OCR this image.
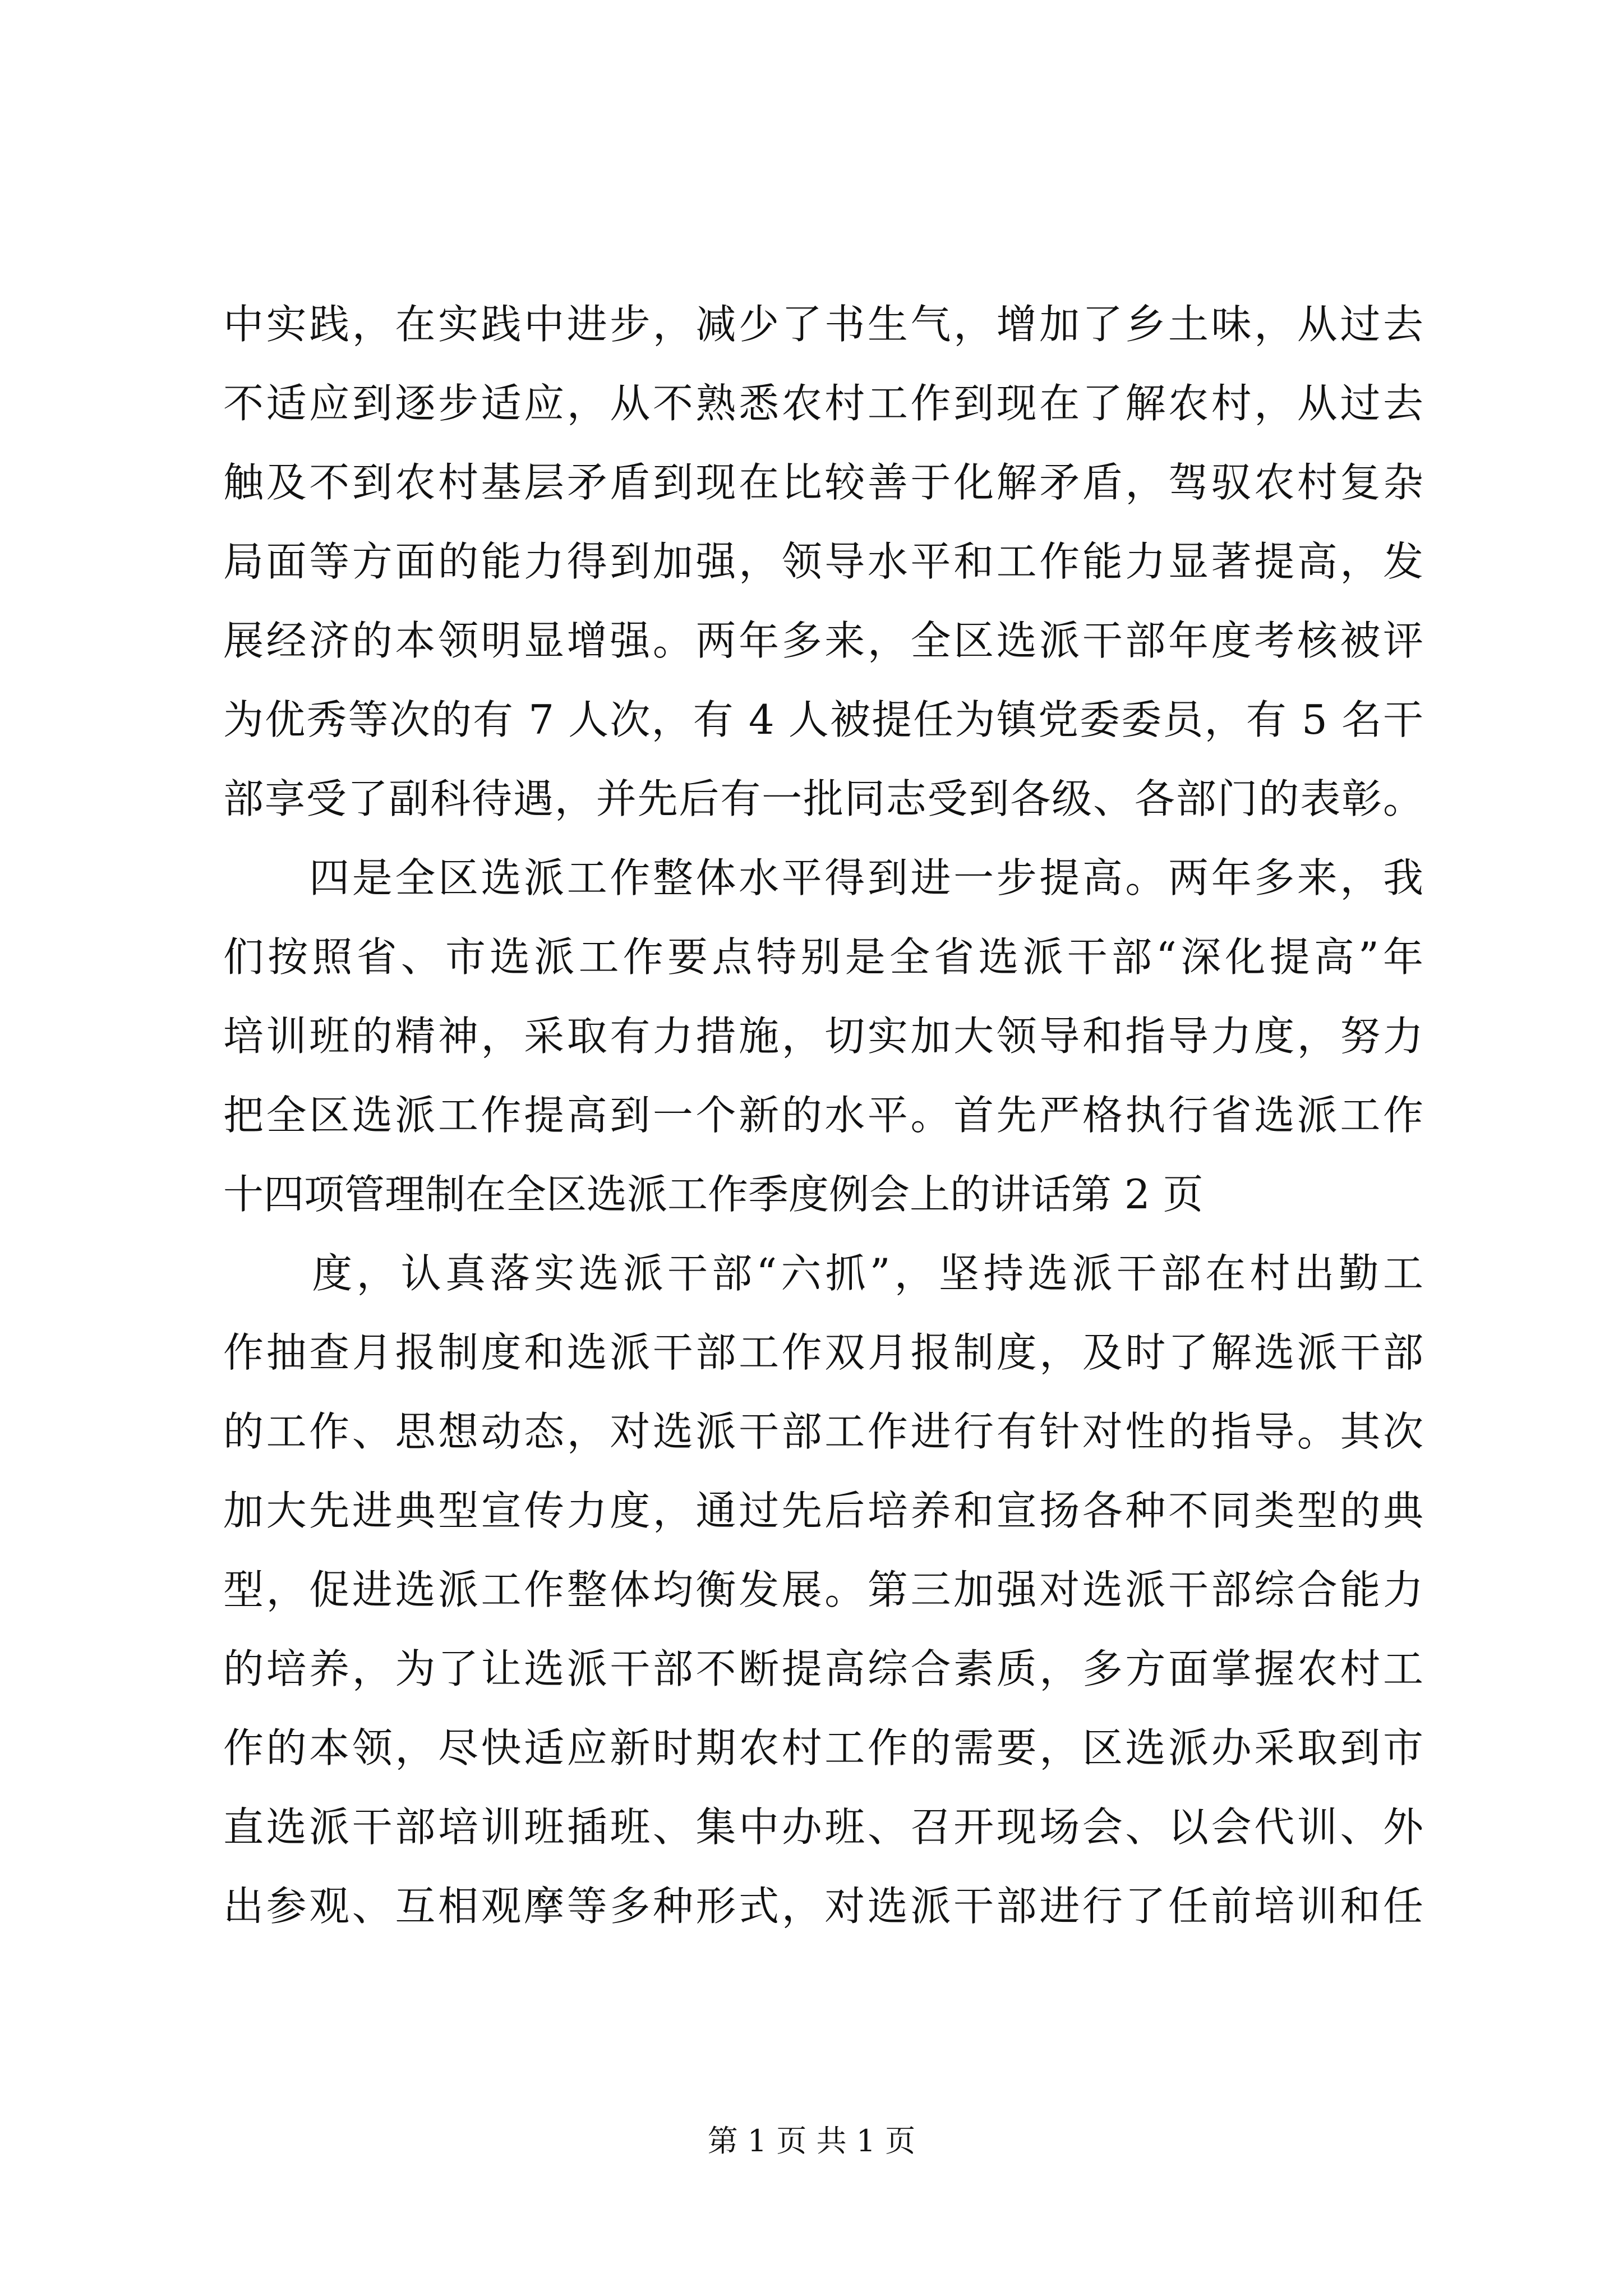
中实践，在实践中进步，减少了书生气，增加了乡土味，从过去
不适应到逐步适应，从不熟悉农村工作到现在了解农村，从过去
触及不到农村基层矛盾到现在比较善于化解矛盾，驾驭农村复杂
局面等方面的能力得到加强，领导水平和工作能力显著提高，发
展经济的本领明显增强。两年多来，全区选派干部年度考核被评
为优秀等次的有 7 人次，有 4 人被提任为镇党委委员，有 5 名干
部享受了副科待遇，并先后有一批同志受到各级、各部门的表彰。
　　四是全区选派工作整体水平得到进一步提高。两年多来，我
们按照省、市选派工作要点特别是全省选派干部“深化提高”年
培训班的精神，采取有力措施，切实加大领导和指导力度，努力
把全区选派工作提高到一个新的水平。首先严格执行省选派工作
十四项管理制在全区选派工作季度例会上的讲话第 2 页
　　度，认真落实选派干部“六抓”，坚持选派干部在村出勤工
作抽查月报制度和选派干部工作双月报制度，及时了解选派干部
的工作、思想动态，对选派干部工作进行有针对性的指导。其次
加大先进典型宣传力度，通过先后培养和宣扬各种不同类型的典
型，促进选派工作整体均衡发展。第三加强对选派干部综合能力
的培养，为了让选派干部不断提高综合素质，多方面掌握农村工
作的本领，尽快适应新时期农村工作的需要，区选派办采取到市
直选派干部培训班插班、集中办班、召开现场会、以会代训、外
出参观、互相观摩等多种形式，对选派干部进行了任前培训和任
第 1 页 共 1 页
